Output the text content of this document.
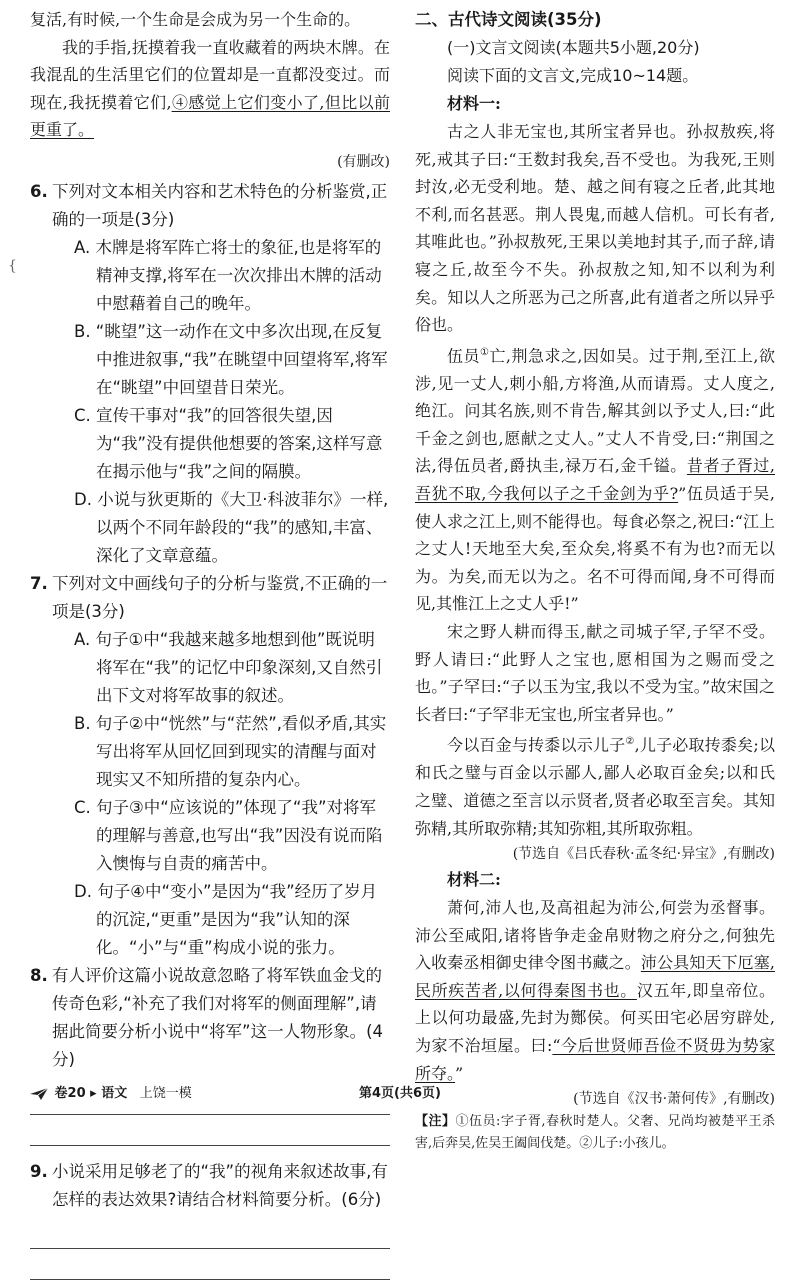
{

复活,有时候,一个生命是会成为另一个生命的。

我的手指,抚摸着我一直收藏着的两块木牌。在我混乱的生活里它们的位置却是一直都没变过。而现在,我抚摸着它们,④感觉上它们变小了,但比以前更重了。

(有删改)

6. 下列对文本相关内容和艺术特色的分析鉴赏,正确的一项是(3分)

A. 木牌是将军阵亡将士的象征,也是将军的精神支撑,将军在一次次排出木牌的活动中慰藉着自己的晚年。

B. “眺望”这一动作在文中多次出现,在反复中推进叙事,“我”在眺望中回望将军,将军在“眺望”中回望昔日荣光。

C. 宣传干事对“我”的回答很失望,因为“我”没有提供他想要的答案,这样写意在揭示他与“我”之间的隔膜。

D. 小说与狄更斯的《大卫·科波菲尔》一样,以两个不同年龄段的“我”的感知,丰富、深化了文章意蕴。

7. 下列对文中画线句子的分析与鉴赏,不正确的一项是(3分)

A. 句子①中“我越来越多地想到他”既说明将军在“我”的记忆中印象深刻,又自然引出下文对将军故事的叙述。

B. 句子②中“恍然”与“茫然”,看似矛盾,其实写出将军从回忆回到现实的清醒与面对现实又不知所措的复杂内心。

C. 句子③中“应该说的”体现了“我”对将军的理解与善意,也写出“我”因没有说而陷入懊悔与自责的痛苦中。

D. 句子④中“变小”是因为“我”经历了岁月的沉淀,“更重”是因为“我”认知的深化。“小”与“重”构成小说的张力。

8. 有人评价这篇小说故意忽略了将军铁血金戈的传奇色彩,“补充了我们对将军的侧面理解”,请据此简要分析小说中“将军”这一人物形象。(4分)
9. 小说采用足够老了的“我”的视角来叙述故事,有怎样的表达效果?请结合材料简要分析。(6分)

二、古代诗文阅读(35分)

(一)文言文阅读(本题共5小题,20分)

阅读下面的文言文,完成10~14题。

材料一:

古之人非无宝也,其所宝者异也。孙叔敖疾,将死,戒其子曰:“王数封我矣,吾不受也。为我死,王则封汝,必无受利地。楚、越之间有寝之丘者,此其地不利,而名甚恶。荆人畏鬼,而越人信机。可长有者,其唯此也。”孙叔敖死,王果以美地封其子,而子辞,请寝之丘,故至今不失。孙叔敖之知,知不以利为利矣。知以人之所恶为己之所喜,此有道者之所以异乎俗也。

伍员①亡,荆急求之,因如吴。过于荆,至江上,欲涉,见一丈人,刺小船,方将渔,从而请焉。丈人度之,绝江。问其名族,则不肯告,解其剑以予丈人,曰:“此千金之剑也,愿献之丈人。”丈人不肯受,曰:“荆国之法,得伍员者,爵执圭,禄万石,金千镒。昔者子胥过,吾犹不取,今我何以子之千金剑为乎?”伍员适于吴,使人求之江上,则不能得也。每食必祭之,祝曰:“江上之丈人!天地至大矣,至众矣,将奚不有为也?而无以为。为矣,而无以为之。名不可得而闻,身不可得而见,其惟江上之丈人乎!”

宋之野人耕而得玉,献之司城子罕,子罕不受。野人请曰:“此野人之宝也,愿相国为之赐而受之也。”子罕曰:“子以玉为宝,我以不受为宝。”故宋国之长者曰:“子罕非无宝也,所宝者异也。”

今以百金与抟黍以示儿子②,儿子必取抟黍矣;以和氏之璧与百金以示鄙人,鄙人必取百金矣;以和氏之璧、道德之至言以示贤者,贤者必取至言矣。其知弥精,其所取弥精;其知弥粗,其所取弥粗。

(节选自《吕氏春秋·孟冬纪·异宝》,有删改)

材料二:

萧何,沛人也,及高祖起为沛公,何尝为丞督事。沛公至咸阳,诸将皆争走金帛财物之府分之,何独先入收秦丞相御史律令图书藏之。沛公具知天下厄塞,民所疾苦者,以何得秦图书也。汉五年,即皇帝位。上以何功最盛,先封为酂侯。何买田宅必居穷辟处,为家不治垣屋。曰:“今后世贤师吾俭不贤毋为势家所夺。”

(节选自《汉书·萧何传》,有删改)

【注】①伍员:字子胥,春秋时楚人。父奢、兄尚均被楚平王杀害,后奔吴,佐吴王阖闾伐楚。②儿子:小孩儿。

卷20 ▸ 语文 上饶一模	第4页(共6页)
